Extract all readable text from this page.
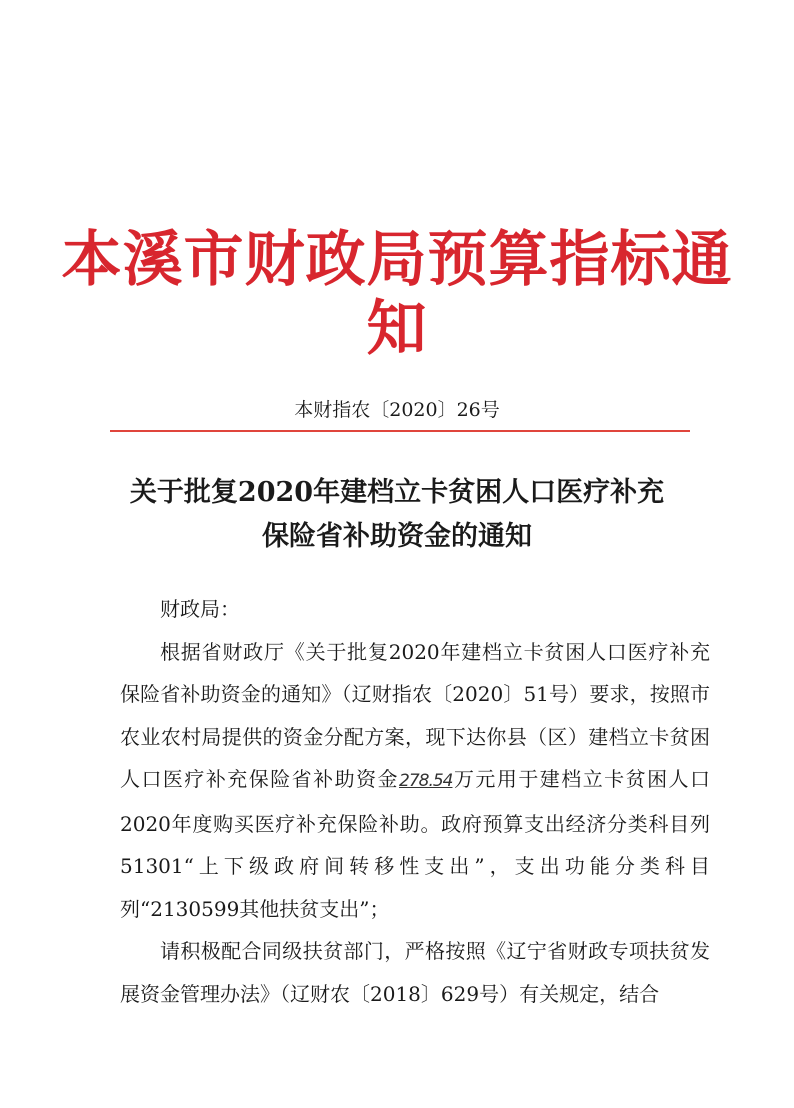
本溪市财政局预算指标通知
本财指农〔2020〕26号
关于批复2020年建档立卡贫困人口医疗补充
保险省补助资金的通知

财政局：

根据省财政厅《关于批复2020年建档立卡贫困人口医疗补充保险省补助资金的通知》（辽财指农〔2020〕51号）要求，按照市农业农村局提供的资金分配方案，现下达你县（区）建档立卡贫困人口医疗补充保险省补助资金278.54万元用于建档立卡贫困人口2020年度购买医疗补充保险补助。政府预算支出经济分类科目列51301“上下级政府间转移性支出”，支出功能分类科目列“2130599其他扶贫支出”；

请积极配合同级扶贫部门，严格按照《辽宁省财政专项扶贫发展资金管理办法》（辽财农〔2018〕629号）有关规定，结合
